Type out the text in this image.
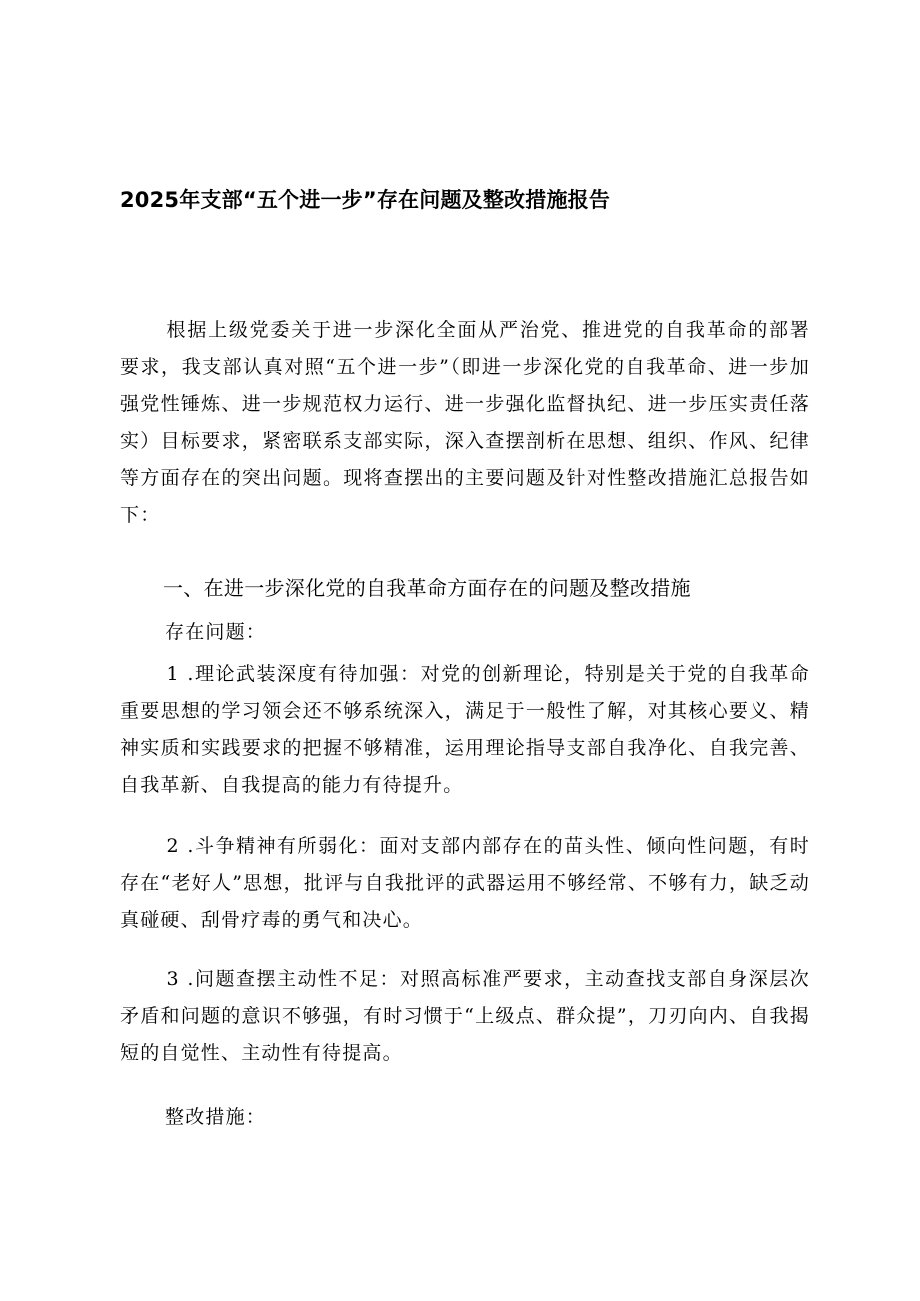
2025年支部“五个进一步”存在问题及整改措施报告

根据上级党委关于进一步深化全面从严治党、推进党的自我革命的部署要求，我支部认真对照“五个进一步”（即进一步深化党的自我革命、进一步加强党性锤炼、进一步规范权力运行、进一步强化监督执纪、进一步压实责任落实）目标要求，紧密联系支部实际，深入查摆剖析在思想、组织、作风、纪律等方面存在的突出问题。现将查摆出的主要问题及针对性整改措施汇总报告如下：

一、在进一步深化党的自我革命方面存在的问题及整改措施
存在问题：

1 .理论武装深度有待加强：对党的创新理论，特别是关于党的自我革命重要思想的学习领会还不够系统深入，满足于一般性了解，对其核心要义、精神实质和实践要求的把握不够精准，运用理论指导支部自我净化、自我完善、自我革新、自我提高的能力有待提升。

2 .斗争精神有所弱化：面对支部内部存在的苗头性、倾向性问题，有时存在“老好人”思想，批评与自我批评的武器运用不够经常、不够有力，缺乏动真碰硬、刮骨疗毒的勇气和决心。

3 .问题查摆主动性不足：对照高标准严要求，主动查找支部自身深层次矛盾和问题的意识不够强，有时习惯于“上级点、群众提”，刀刃向内、自我揭短的自觉性、主动性有待提高。

整改措施：
